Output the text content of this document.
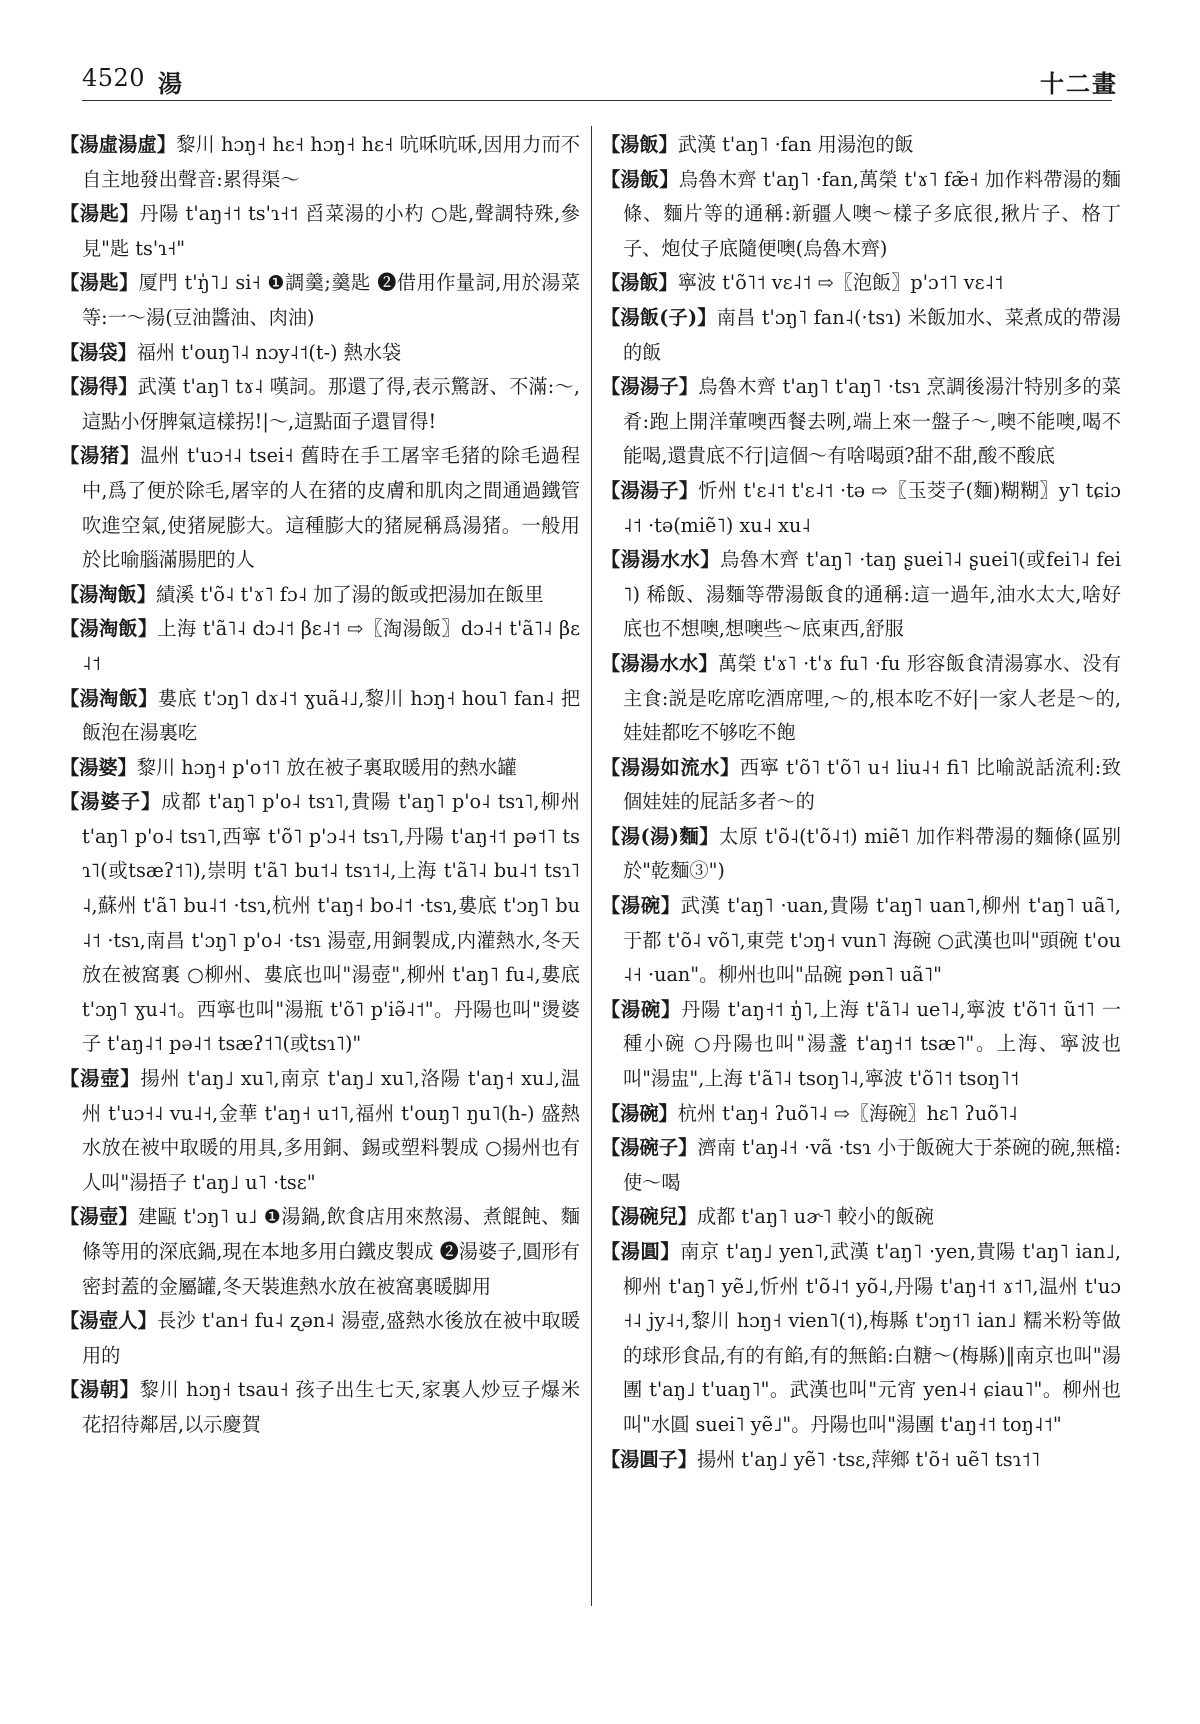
4520 湯	十二畫

【湯虛湯虛】黎川 hɔŋ˧ hɛ˧ hɔŋ˧ hɛ˧ 吭咊吭咊,因用力而不自主地發出聲音:累得渠～

【湯匙】丹陽 t'aŋ˧˦ ts'ɿ˧˦ 舀菜湯的小杓 ○匙,聲調特殊,參見"匙 ts'ɿ˧"

【湯匙】厦門 t'ŋ̍˥˩ si˧ ❶調羹;羹匙 ❷借用作量詞,用於湯菜等:一～湯(豆油醬油、肉油)

【湯袋】福州 t'ouŋ˥˨ nɔy˨˦(t-) 熱水袋

【湯得】武漢 t'aŋ˥ tɤ˨ 嘆詞。那還了得,表示驚訝、不滿:～,這點小伢脾氣這樣拐!|～,這點面子還冒得!

【湯猪】温州 t'uɔ˧˨ tsei˧ 舊時在手工屠宰毛猪的除毛過程中,爲了便於除毛,屠宰的人在猪的皮膚和肌肉之間通過鐵管吹進空氣,使猪屍膨大。這種膨大的猪屍稱爲湯猪。一般用於比喻腦滿腸肥的人

【湯淘飯】績溪 t'õ˨ t'ɤ˥ fɔ˨ 加了湯的飯或把湯加在飯里

【湯淘飯】上海 t'ã˥˨ dɔ˨˦ βɛ˨˦ ⇨〖淘湯飯〗dɔ˨˧ t'ã˥˨ βɛ˨˦

【湯淘飯】婁底 t'ɔŋ˥ dɤ˨˦ ɣuã˨˩,黎川 hɔŋ˧ hou˥ fan˨ 把飯泡在湯裏吃

【湯婆】黎川 hɔŋ˧ p'o˦˥ 放在被子裏取暖用的熱水罐

【湯婆子】成都 t'aŋ˥ p'o˨ tsɿ˥,貴陽 t'aŋ˥ p'o˨ tsɿ˥,柳州 t'aŋ˥ p'o˨ tsɿ˥,西寧 t'õ˥ p'ɔ˨˧ tsɿ˥,丹陽 t'aŋ˧˦ pə˦˥ tsɿ˥(或tsæʔ˦˥),崇明 t'ã˥ bu˦˨ tsɿ˦˨,上海 t'ã˥˨ bu˨˦ tsɿ˥˨,蘇州 t'ã˥ bu˨˦ ·tsɿ,杭州 t'aŋ˧ bo˨˦ ·tsɿ,婁底 t'ɔŋ˥ bu˨˦ ·tsɿ,南昌 t'ɔŋ˥ p'o˨ ·tsɿ 湯壺,用銅製成,内灌熱水,冬天放在被窩裏 ○柳州、婁底也叫"湯壺",柳州 t'aŋ˥ fu˨,婁底 t'ɔŋ˥ ɣu˨˦。西寧也叫"湯瓶 t'õ˥ p'iə̃˨˦"。丹陽也叫"燙婆子 t'aŋ˨˦ pə˨˦ tsæʔ˦˥(或tsɿ˥)"

【湯壺】揚州 t'aŋ˩ xu˥,南京 t'aŋ˩ xu˥,洛陽 t'aŋ˧ xu˩,温州 t'uɔ˧˨ vu˨˧,金華 t'aŋ˧ u˦˥,福州 t'ouŋ˥ ŋu˥(h-) 盛熱水放在被中取暖的用具,多用銅、錫或塑料製成 ○揚州也有人叫"湯捂子 t'aŋ˩ u˥ ·tsɛ"

【湯壺】建甌 t'ɔŋ˥ u˩ ❶湯鍋,飲食店用來熬湯、煮餛飩、麵條等用的深底鍋,現在本地多用白鐵皮製成 ❷湯婆子,圓形有密封蓋的金屬罐,冬天裝進熱水放在被窩裏暖脚用

【湯壺人】長沙 t'an˧ fu˨ ʐən˨ 湯壺,盛熱水後放在被中取暖用的

【湯朝】黎川 hɔŋ˧ tsau˧ 孩子出生七天,家裏人炒豆子爆米花招待鄰居,以示慶賀

【湯飯】武漢 t'aŋ˥ ·fan 用湯泡的飯

【湯飯】烏魯木齊 t'aŋ˥ ·fan,萬榮 t'ɤ˥ fæ̃˧ 加作料帶湯的麵條、麵片等的通稱:新疆人噢～樣子多底很,揪片子、格丁子、炮仗子底隨便噢(烏魯木齊)

【湯飯】寧波 t'õ˥˦ vɛ˨˦ ⇨〖泡飯〗p'ɔ˦˥ vɛ˨˦

【湯飯(子)】南昌 t'ɔŋ˥ fan˨(·tsɿ) 米飯加水、菜煮成的帶湯的飯

【湯湯子】烏魯木齊 t'aŋ˥ t'aŋ˥ ·tsɿ 烹調後湯汁特别多的菜肴:跑上開洋葷噢西餐去咧,端上來一盤子～,噢不能噢,喝不能喝,還貴底不行|這個～有啥喝頭?甜不甜,酸不酸底

【湯湯子】忻州 t'ɛ˨˦ t'ɛ˨˦ ·tə ⇨〖玉茭子(麵)糊糊〗y˥ tɕiɔ˨˦ ·tə(miẽ˥) xu˨ xu˨

【湯湯水水】烏魯木齊 t'aŋ˥ ·taŋ ʂuei˥˨ ʂuei˥(或fei˥˨ fei˥) 稀飯、湯麵等帶湯飯食的通稱:這一過年,油水太大,啥好底也不想噢,想噢些～底東西,舒服

【湯湯水水】萬榮 t'ɤ˥ ·t'ɤ fu˥ ·fu 形容飯食清湯寡水、没有主食:説是吃席吃酒席哩,～的,根本吃不好|一家人老是～的,娃娃都吃不够吃不飽

【湯湯如流水】西寧 t'õ˥ t'õ˥ u˧ liu˨˧ fi˥ 比喻説話流利:致個娃娃的屁話多者～的

【湯(湯)麵】太原 t'õ˨(t'õ˨˦) miẽ˥ 加作料帶湯的麵條(區别於"乾麵③")

【湯碗】武漢 t'aŋ˥ ·uan,貴陽 t'aŋ˥ uan˥,柳州 t'aŋ˥ uã˥,于都 t'õ˨ võ˥,東莞 t'ɔŋ˧ vun˥ 海碗 ○武漢也叫"頭碗 t'ou˨˧ ·uan"。柳州也叫"品碗 pən˥ uã˥"

【湯碗】丹陽 t'aŋ˧˦ ŋ̍˥,上海 t'ã˥˨ ue˥˨,寧波 t'õ˥˦ ũ˦˥ 一種小碗 ○丹陽也叫"湯盞 t'aŋ˧˦ tsæ˥"。上海、寧波也叫"湯盅",上海 t'ã˥˨ tsoŋ˥˨,寧波 t'õ˥˦ tsoŋ˥˦

【湯碗】杭州 t'aŋ˧ ʔuõ˥˨ ⇨〖海碗〗hɛ˥ ʔuõ˥˨

【湯碗子】濟南 t'aŋ˨˧ ·vã ·tsɿ 小于飯碗大于茶碗的碗,無檔:使～喝

【湯碗兒】成都 t'aŋ˥ uɚ˥ 較小的飯碗

【湯圓】南京 t'aŋ˩ yen˥,武漢 t'aŋ˥ ·yen,貴陽 t'aŋ˥ ian˩,柳州 t'aŋ˥ yẽ˩,忻州 t'õ˨˦ yõ˨,丹陽 t'aŋ˧˦ ɤ˦˥,温州 t'uɔ˧˨ jy˨˧,黎川 hɔŋ˧ vien˥(˦),梅縣 t'ɔŋ˦˥ ian˩ 糯米粉等做的球形食品,有的有餡,有的無餡:白糖～(梅縣)‖南京也叫"湯團 t'aŋ˩ t'uaŋ˥"。武漢也叫"元宵 yen˨˧ ɕiau˥"。柳州也叫"水圓 suei˥ yẽ˩"。丹陽也叫"湯團 t'aŋ˧˦ toŋ˨˦"

【湯圓子】揚州 t'aŋ˩ yẽ˥ ·tsɛ,萍鄉 t'õ˧ uẽ˥ tsɿ˦˥
